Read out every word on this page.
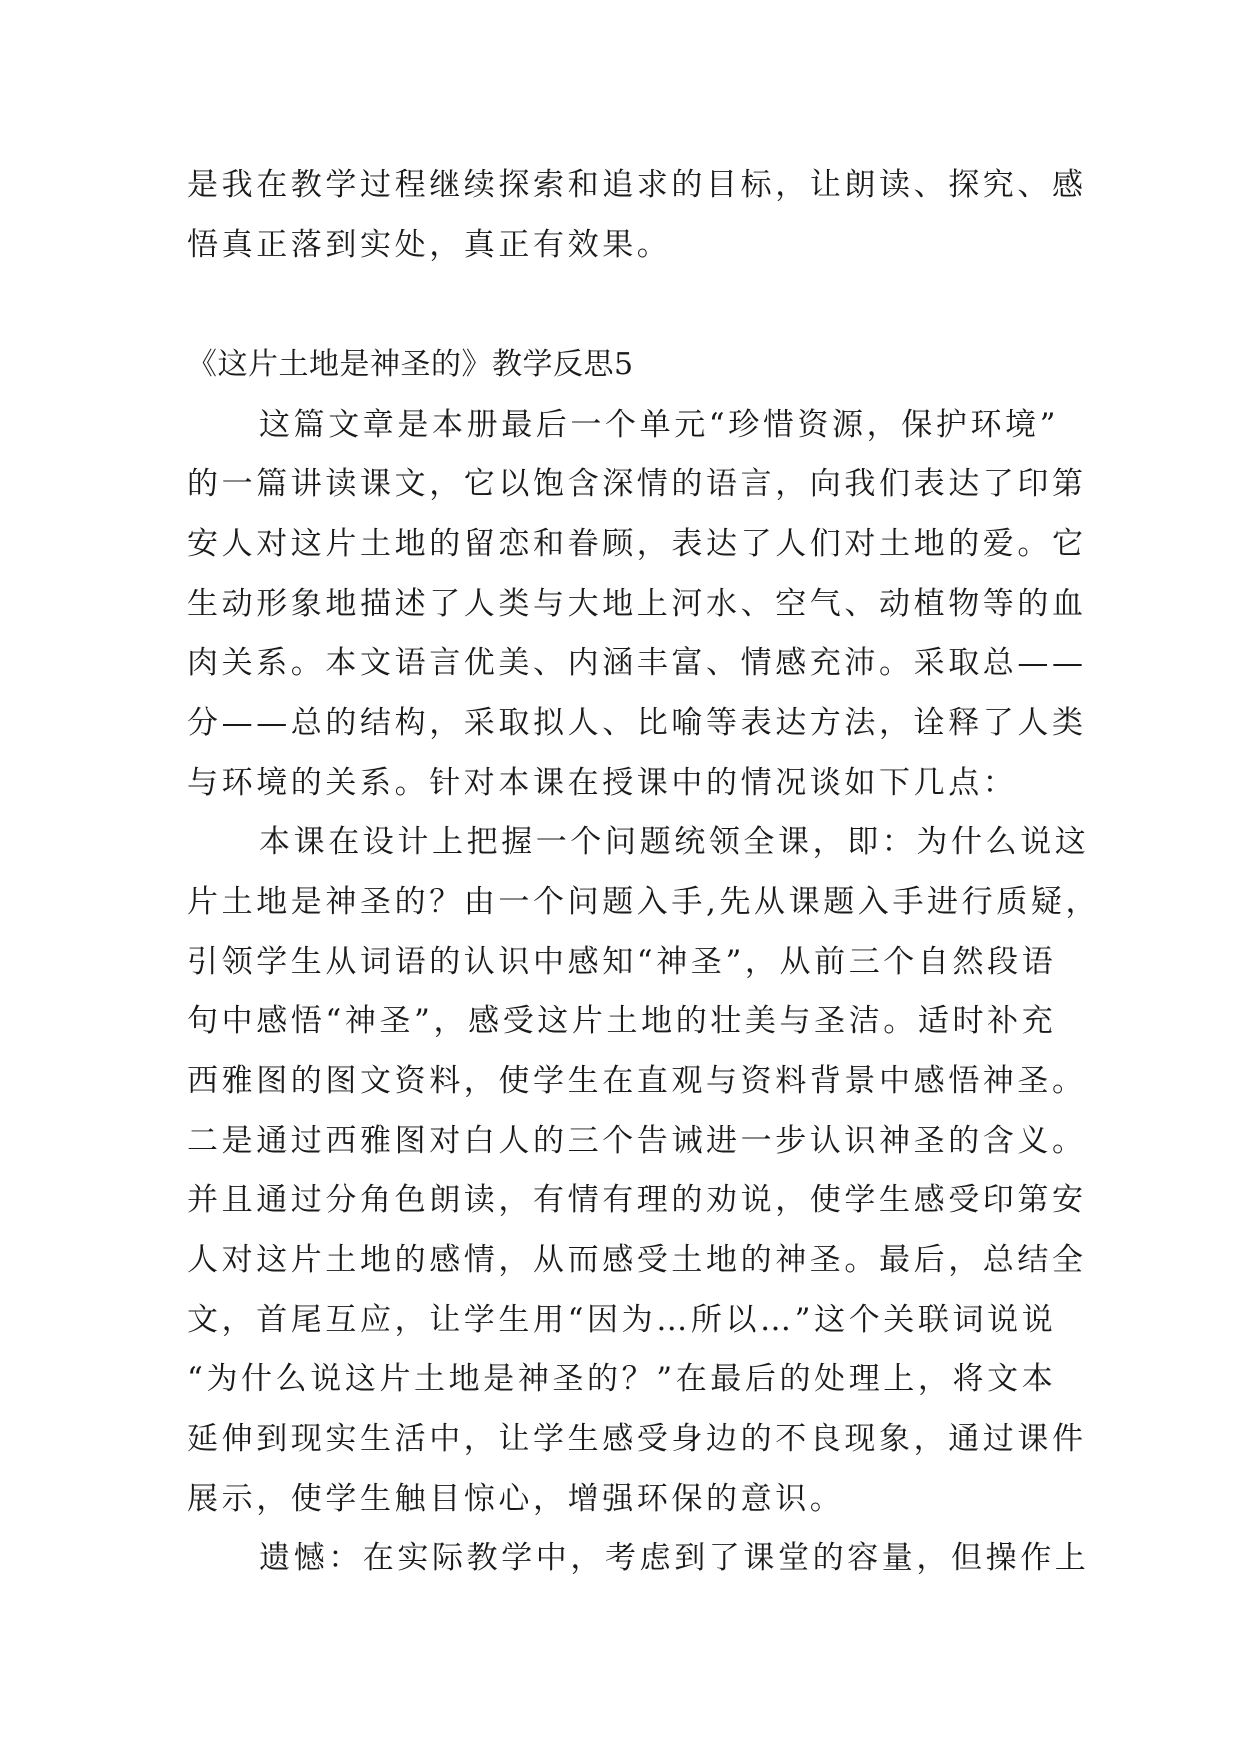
是我在教学过程继续探索和追求的目标，让朗读、探究、感
悟真正落到实处，真正有效果。
《这片土地是神圣的》教学反思5
这篇文章是本册最后一个单元“珍惜资源，保护环境”
的一篇讲读课文，它以饱含深情的语言，向我们表达了印第
安人对这片土地的留恋和眷顾，表达了人们对土地的爱。它
生动形象地描述了人类与大地上河水、空气、动植物等的血
肉关系。本文语言优美、内涵丰富、情感充沛。采取总——
分——总的结构，采取拟人、比喻等表达方法，诠释了人类
与环境的关系。针对本课在授课中的情况谈如下几点：
本课在设计上把握一个问题统领全课，即：为什么说这
片土地是神圣的？由一个问题入手,先从课题入手进行质疑，
引领学生从词语的认识中感知“神圣”，从前三个自然段语
句中感悟“神圣”，感受这片土地的壮美与圣洁。适时补充
西雅图的图文资料，使学生在直观与资料背景中感悟神圣。
二是通过西雅图对白人的三个告诫进一步认识神圣的含义。
并且通过分角色朗读，有情有理的劝说，使学生感受印第安
人对这片土地的感情，从而感受土地的神圣。最后，总结全
文，首尾互应，让学生用“因为…所以…”这个关联词说说
“为什么说这片土地是神圣的？”在最后的处理上，将文本
延伸到现实生活中，让学生感受身边的不良现象，通过课件
展示，使学生触目惊心，增强环保的意识。
遗憾：在实际教学中，考虑到了课堂的容量，但操作上
